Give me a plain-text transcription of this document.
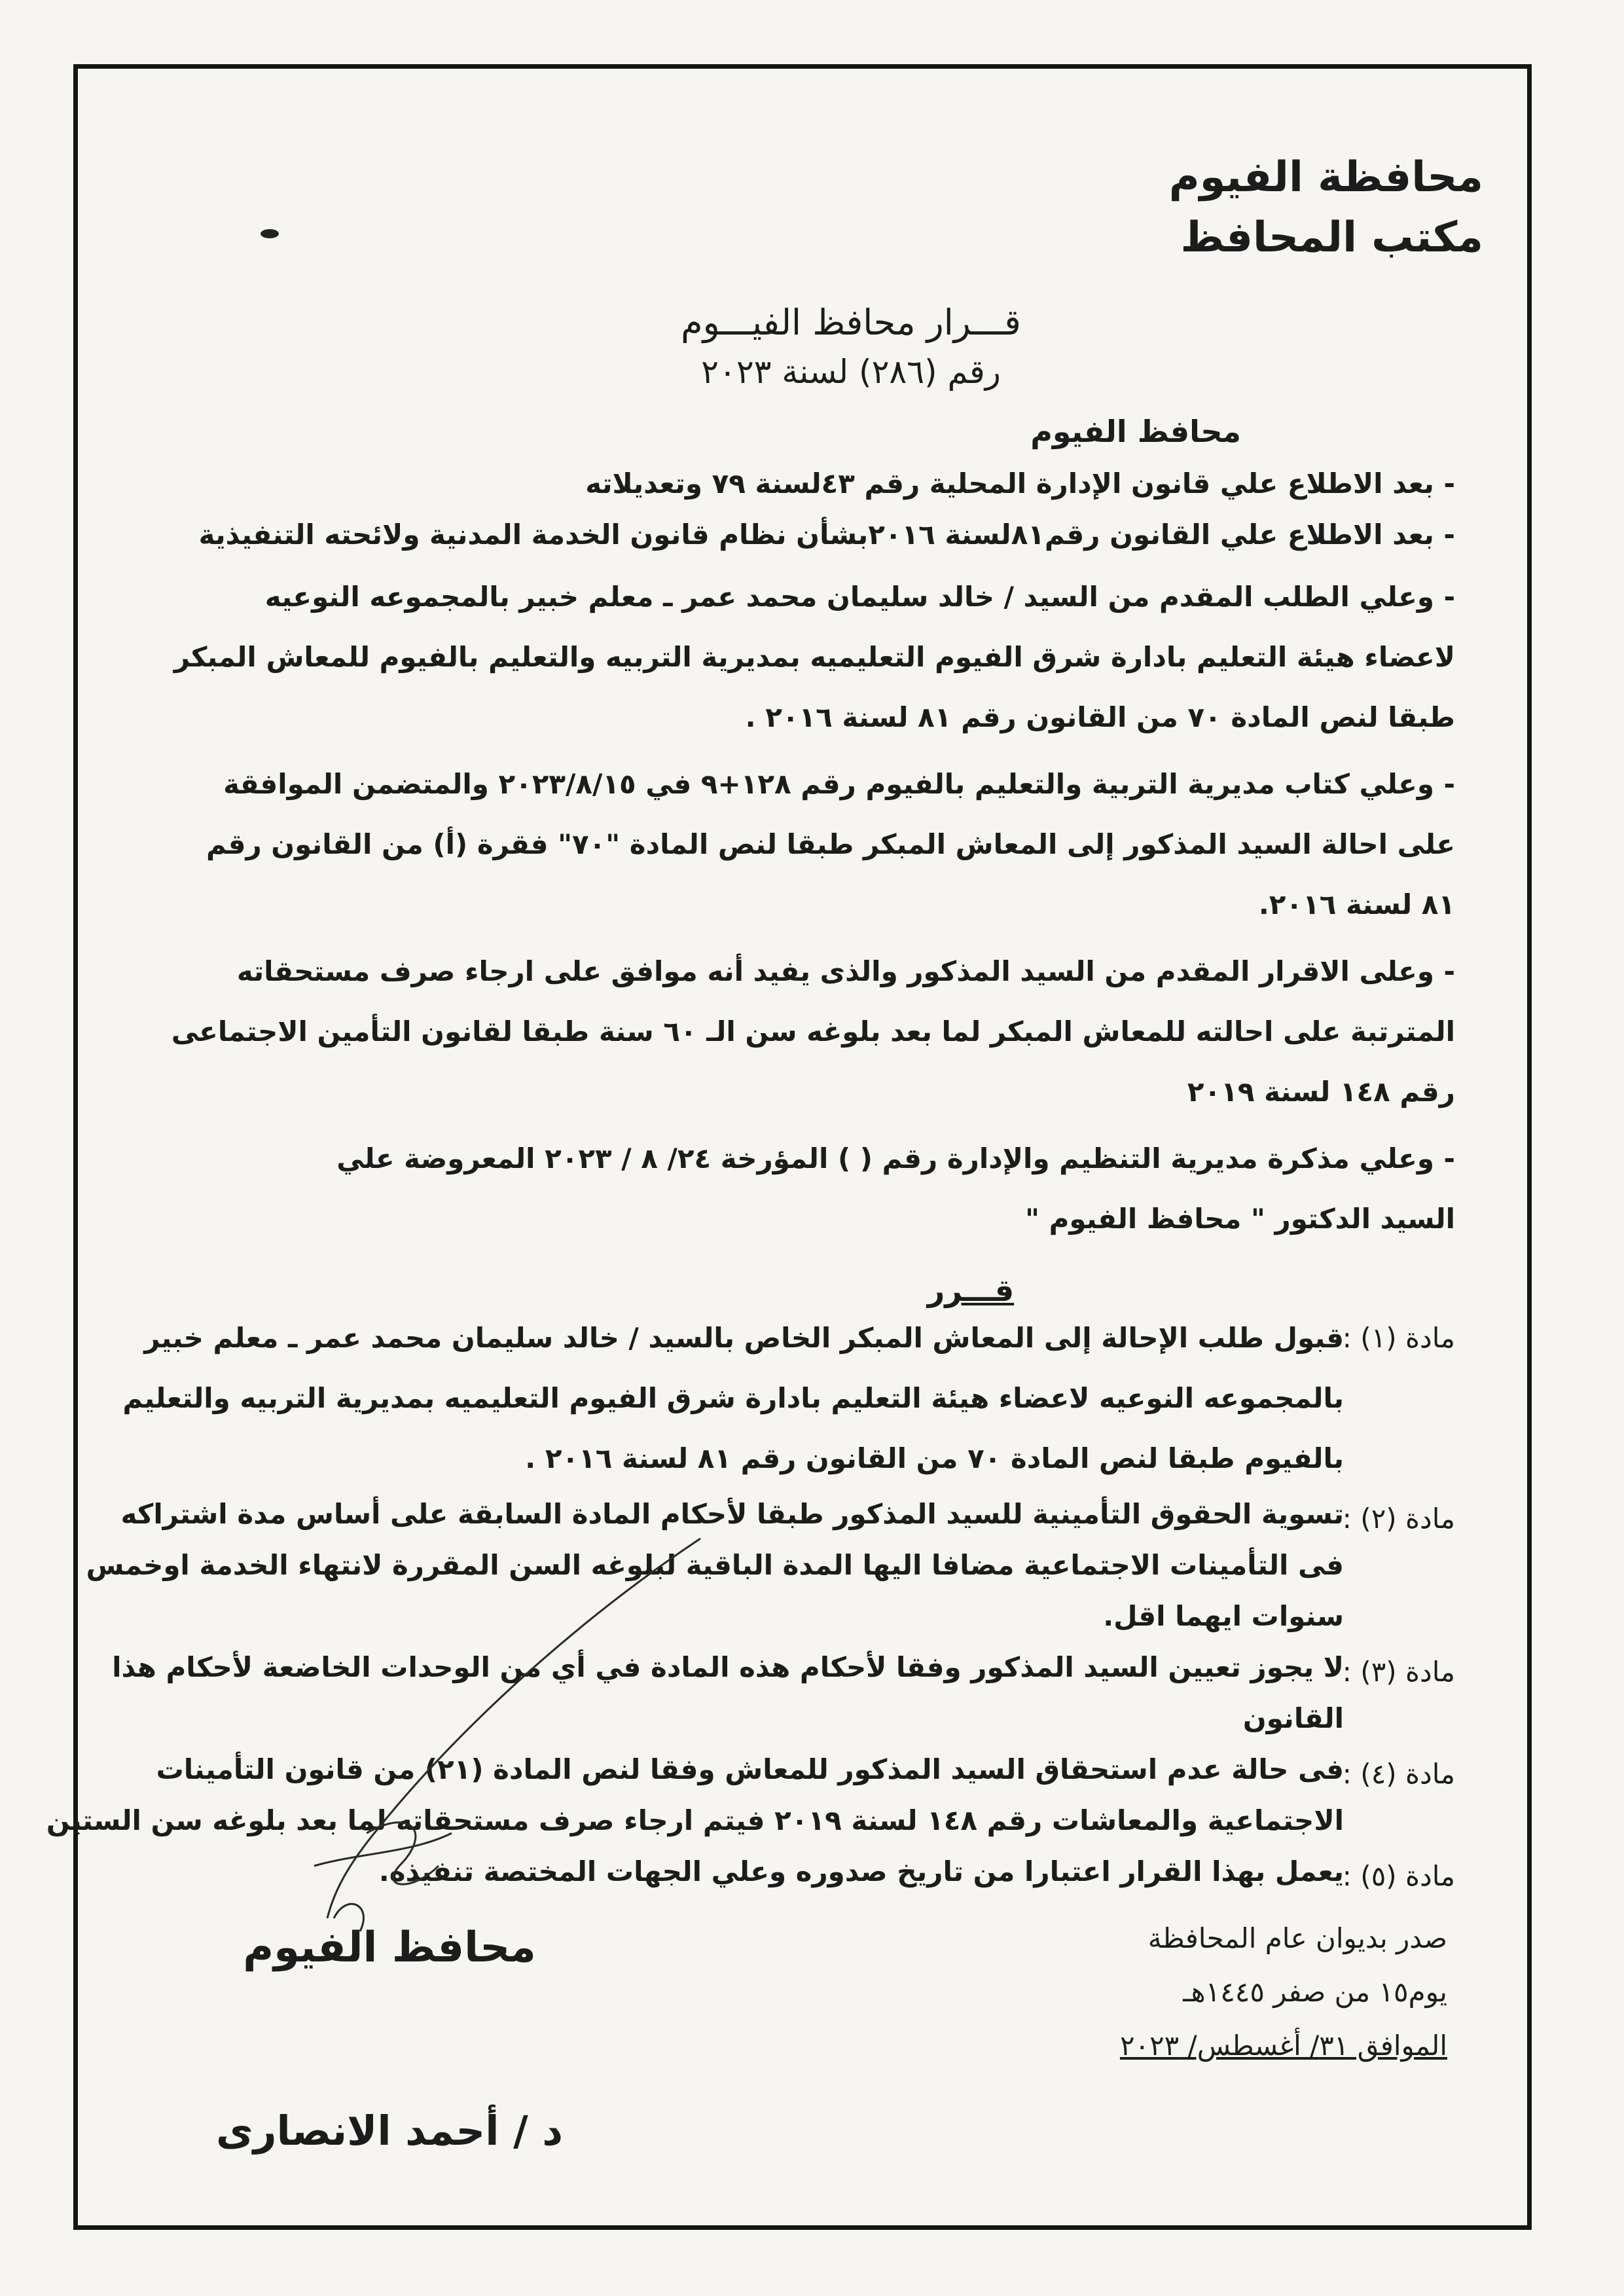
محافظة الفيوم
مكتب المحافظ
قـــرار محافظ الفيـــوم
رقم (٢٨٦) لسنة ٢٠٢٣
محافظ الفيوم
- بعد الاطلاع علي قانون الإدارة المحلية رقم ٤٣لسنة ٧٩ وتعديلاته
- بعد الاطلاع علي القانون رقم٨١لسنة ٢٠١٦بشأن نظام قانون الخدمة المدنية ولائحته التنفيذية
- وعلي الطلب المقدم من السيد / خالد سليمان محمد عمر ـ معلم خبير بالمجموعه النوعيه
لاعضاء هيئة التعليم بادارة شرق الفيوم التعليميه بمديرية التربيه والتعليم بالفيوم للمعاش المبكر
طبقا لنص المادة ٧٠ من القانون رقم ٨١ لسنة ٢٠١٦ .
- وعلي كتاب مديرية التربية والتعليم بالفيوم رقم ١٢٨+٩ في ٢٠٢٣/٨/١٥ والمتضمن الموافقة
على احالة السيد المذكور إلى المعاش المبكر طبقا لنص المادة "٧٠" فقرة (أ) من القانون رقم
٨١ لسنة ٢٠١٦.
- وعلى الاقرار المقدم من السيد المذكور والذى يفيد أنه موافق على ارجاء صرف مستحقاته
المترتبة على احالته للمعاش المبكر لما بعد بلوغه سن الـ ٦٠ سنة طبقا لقانون التأمين الاجتماعى
رقم ١٤٨ لسنة ٢٠١٩
- وعلي مذكرة مديرية التنظيم والإدارة رقم ( ) المؤرخة ٢٤/ ٨ / ٢٠٢٣ المعروضة علي
السيد الدكتور " محافظ الفيوم "
قـــرر
مادة (١) :
قبول طلب الإحالة إلى المعاش المبكر الخاص بالسيد / خالد سليمان محمد عمر ـ معلم خبير
بالمجموعه النوعيه لاعضاء هيئة التعليم بادارة شرق الفيوم التعليميه بمديرية التربيه والتعليم
بالفيوم طبقا لنص المادة ٧٠ من القانون رقم ٨١ لسنة ٢٠١٦ .
مادة (٢) :
تسوية الحقوق التأمينية للسيد المذكور طبقا لأحكام المادة السابقة على أساس مدة اشتراكه
فى التأمينات الاجتماعية مضافا اليها المدة الباقية لبلوغه السن المقررة لانتهاء الخدمة اوخمس
سنوات ايهما اقل.
مادة (٣) :
لا يجوز تعيين السيد المذكور وفقا لأحكام هذه المادة في أي من الوحدات الخاضعة لأحكام هذا
القانون
مادة (٤) :
فى حالة عدم استحقاق السيد المذكور للمعاش وفقا لنص المادة (٢١) من قانون التأمينات
الاجتماعية والمعاشات رقم ١٤٨ لسنة ٢٠١٩ فيتم ارجاء صرف مستحقاته لما بعد بلوغه سن الستين
مادة (٥) :
يعمل بهذا القرار اعتبارا من تاريخ صدوره وعلي الجهات المختصة تنفيذه.
صدر بديوان عام المحافظة
يوم١٥ من صفر ١٤٤٥هـ
الموافق ٣١/ أغسطس/ ٢٠٢٣
محافظ الفيوم
د / أحمد الانصارى
